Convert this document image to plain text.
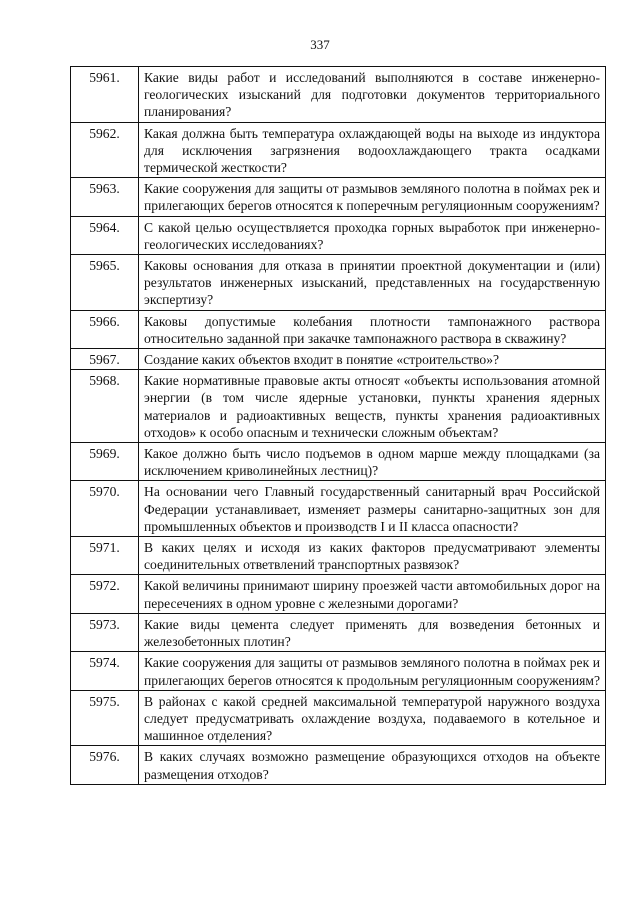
337
5961.	Какие виды работ и исследований выполняются в составе инженерно-геологических изысканий для подготовки документов территориального планирования?
5962.	Какая должна быть температура охлаждающей воды на выходе из индуктора для исключения загрязнения водоохлаждающего тракта осадками термической жесткости?
5963.	Какие сооружения для защиты от размывов земляного полотна в поймах рек и прилегающих берегов относятся к поперечным регуляционным сооружениям?
5964.	С какой целью осуществляется проходка горных выработок при инженерно-геологических исследованиях?
5965.	Каковы основания для отказа в принятии проектной документации и (или) результатов инженерных изысканий, представленных на государственную экспертизу?
5966.	Каковы допустимые колебания плотности тампонажного раствора относительно заданной при закачке тампонажного раствора в скважину?
5967.	Создание каких объектов входит в понятие «строительство»?
5968.	Какие нормативные правовые акты относят «объекты использования атомной энергии (в том числе ядерные установки, пункты хранения ядерных материалов и радиоактивных веществ, пункты хранения радиоактивных отходов» к особо опасным и технически сложным объектам?
5969.	Какое должно быть число подъемов в одном марше между площадками (за исключением криволинейных лестниц)?
5970.	На основании чего Главный государственный санитарный врач Российской Федерации устанавливает, изменяет размеры санитарно-защитных зон для промышленных объектов и производств I и II класса опасности?
5971.	В каких целях и исходя из каких факторов предусматривают элементы соединительных ответвлений транспортных развязок?
5972.	Какой величины принимают ширину проезжей части автомобильных дорог на пересечениях в одном уровне с железными дорогами?
5973.	Какие виды цемента следует применять для возведения бетонных и железобетонных плотин?
5974.	Какие сооружения для защиты от размывов земляного полотна в поймах рек и прилегающих берегов относятся к продольным регуляционным сооружениям?
5975.	В районах с какой средней максимальной температурой наружного воздуха следует предусматривать охлаждение воздуха, подаваемого в котельное и машинное отделения?
5976.	В каких случаях возможно размещение образующихся отходов на объекте размещения отходов?
